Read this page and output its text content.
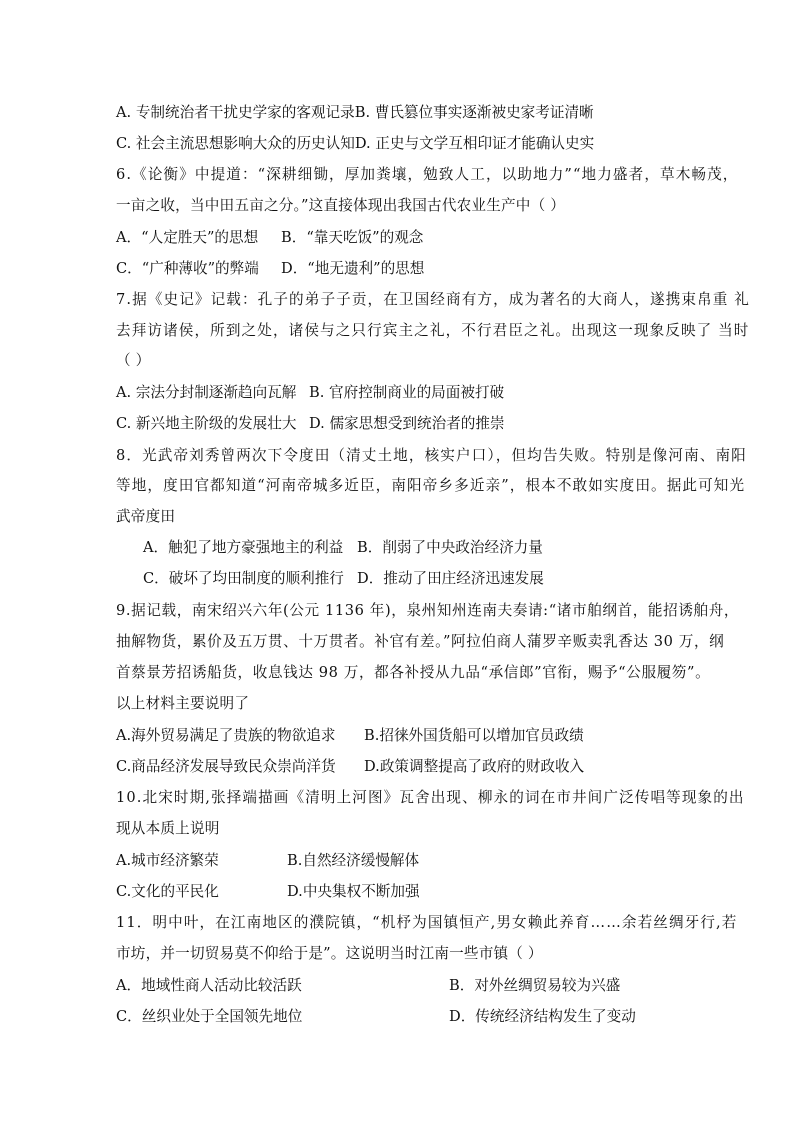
A. 专制统治者干扰史学家的客观记录B. 曹氏篡位事实逐渐被史家考证清晰
C. 社会主流思想影响大众的历史认知D. 正史与文学互相印证才能确认史实
6.《论衡》中提道：“深耕细锄，厚加粪壤，勉致人工，以助地力”“地力盛者，草木畅茂，
一亩之收，当中田五亩之分。”这直接体现出我国古代农业生产中（ ）
A．“人定胜天”的思想 B．“靠天吃饭”的观念
C．“广种薄收”的弊端 D．“地无遗利”的思想
7.据《史记》记载：孔子的弟子子贡，在卫国经商有方，成为著名的大商人，遂携束帛重 礼
去拜访诸侯，所到之处，诸侯与之只行宾主之礼，不行君臣之礼。出现这一现象反映了 当时
（ ）
A. 宗法分封制逐渐趋向瓦解 B. 官府控制商业的局面被打破
C. 新兴地主阶级的发展壮大 D. 儒家思想受到统治者的推崇
8．光武帝刘秀曾两次下令度田（清丈土地，核实户口），但均告失败。特别是像河南、南阳
等地，度田官都知道“河南帝城多近臣，南阳帝乡多近亲”，根本不敢如实度田。据此可知光
武帝度田
A．触犯了地方豪强地主的利益 B．削弱了中央政治经济力量
C．破坏了均田制度的顺利推行 D．推动了田庄经济迅速发展
9.据记载，南宋绍兴六年(公元 1136 年)，泉州知州连南夫奏请:“诸市舶纲首，能招诱舶舟，
抽解物货，累价及五万贯、十万贯者。补官有差。”阿拉伯商人蒲罗辛贩卖乳香达 30 万，纲
首蔡景芳招诱船货，收息钱达 98 万，都各补授从九品“承信郎”官衔，赐予“公服履笏”。
以上材料主要说明了
A.海外贸易满足了贵族的物欲追求 B.招徕外国货船可以增加官员政绩
C.商品经济发展导致民众崇尚洋货 D.政策调整提高了政府的财政收入
10.北宋时期,张择端描画《清明上河图》瓦舍出现、柳永的词在市井间广泛传唱等现象的出
现从本质上说明
A.城市经济繁荣	B.自然经济缓慢解体
C.文化的平民化	D.中央集权不断加强
11．明中叶，在江南地区的濮院镇，“机杼为国镇恒产,男女赖此养育……余若丝绸牙行,若
市坊，并一切贸易莫不仰给于是”。这说明当时江南一些市镇（ ）
A．地域性商人活动比较活跃	B．对外丝绸贸易较为兴盛
C．丝织业处于全国领先地位	D．传统经济结构发生了变动
